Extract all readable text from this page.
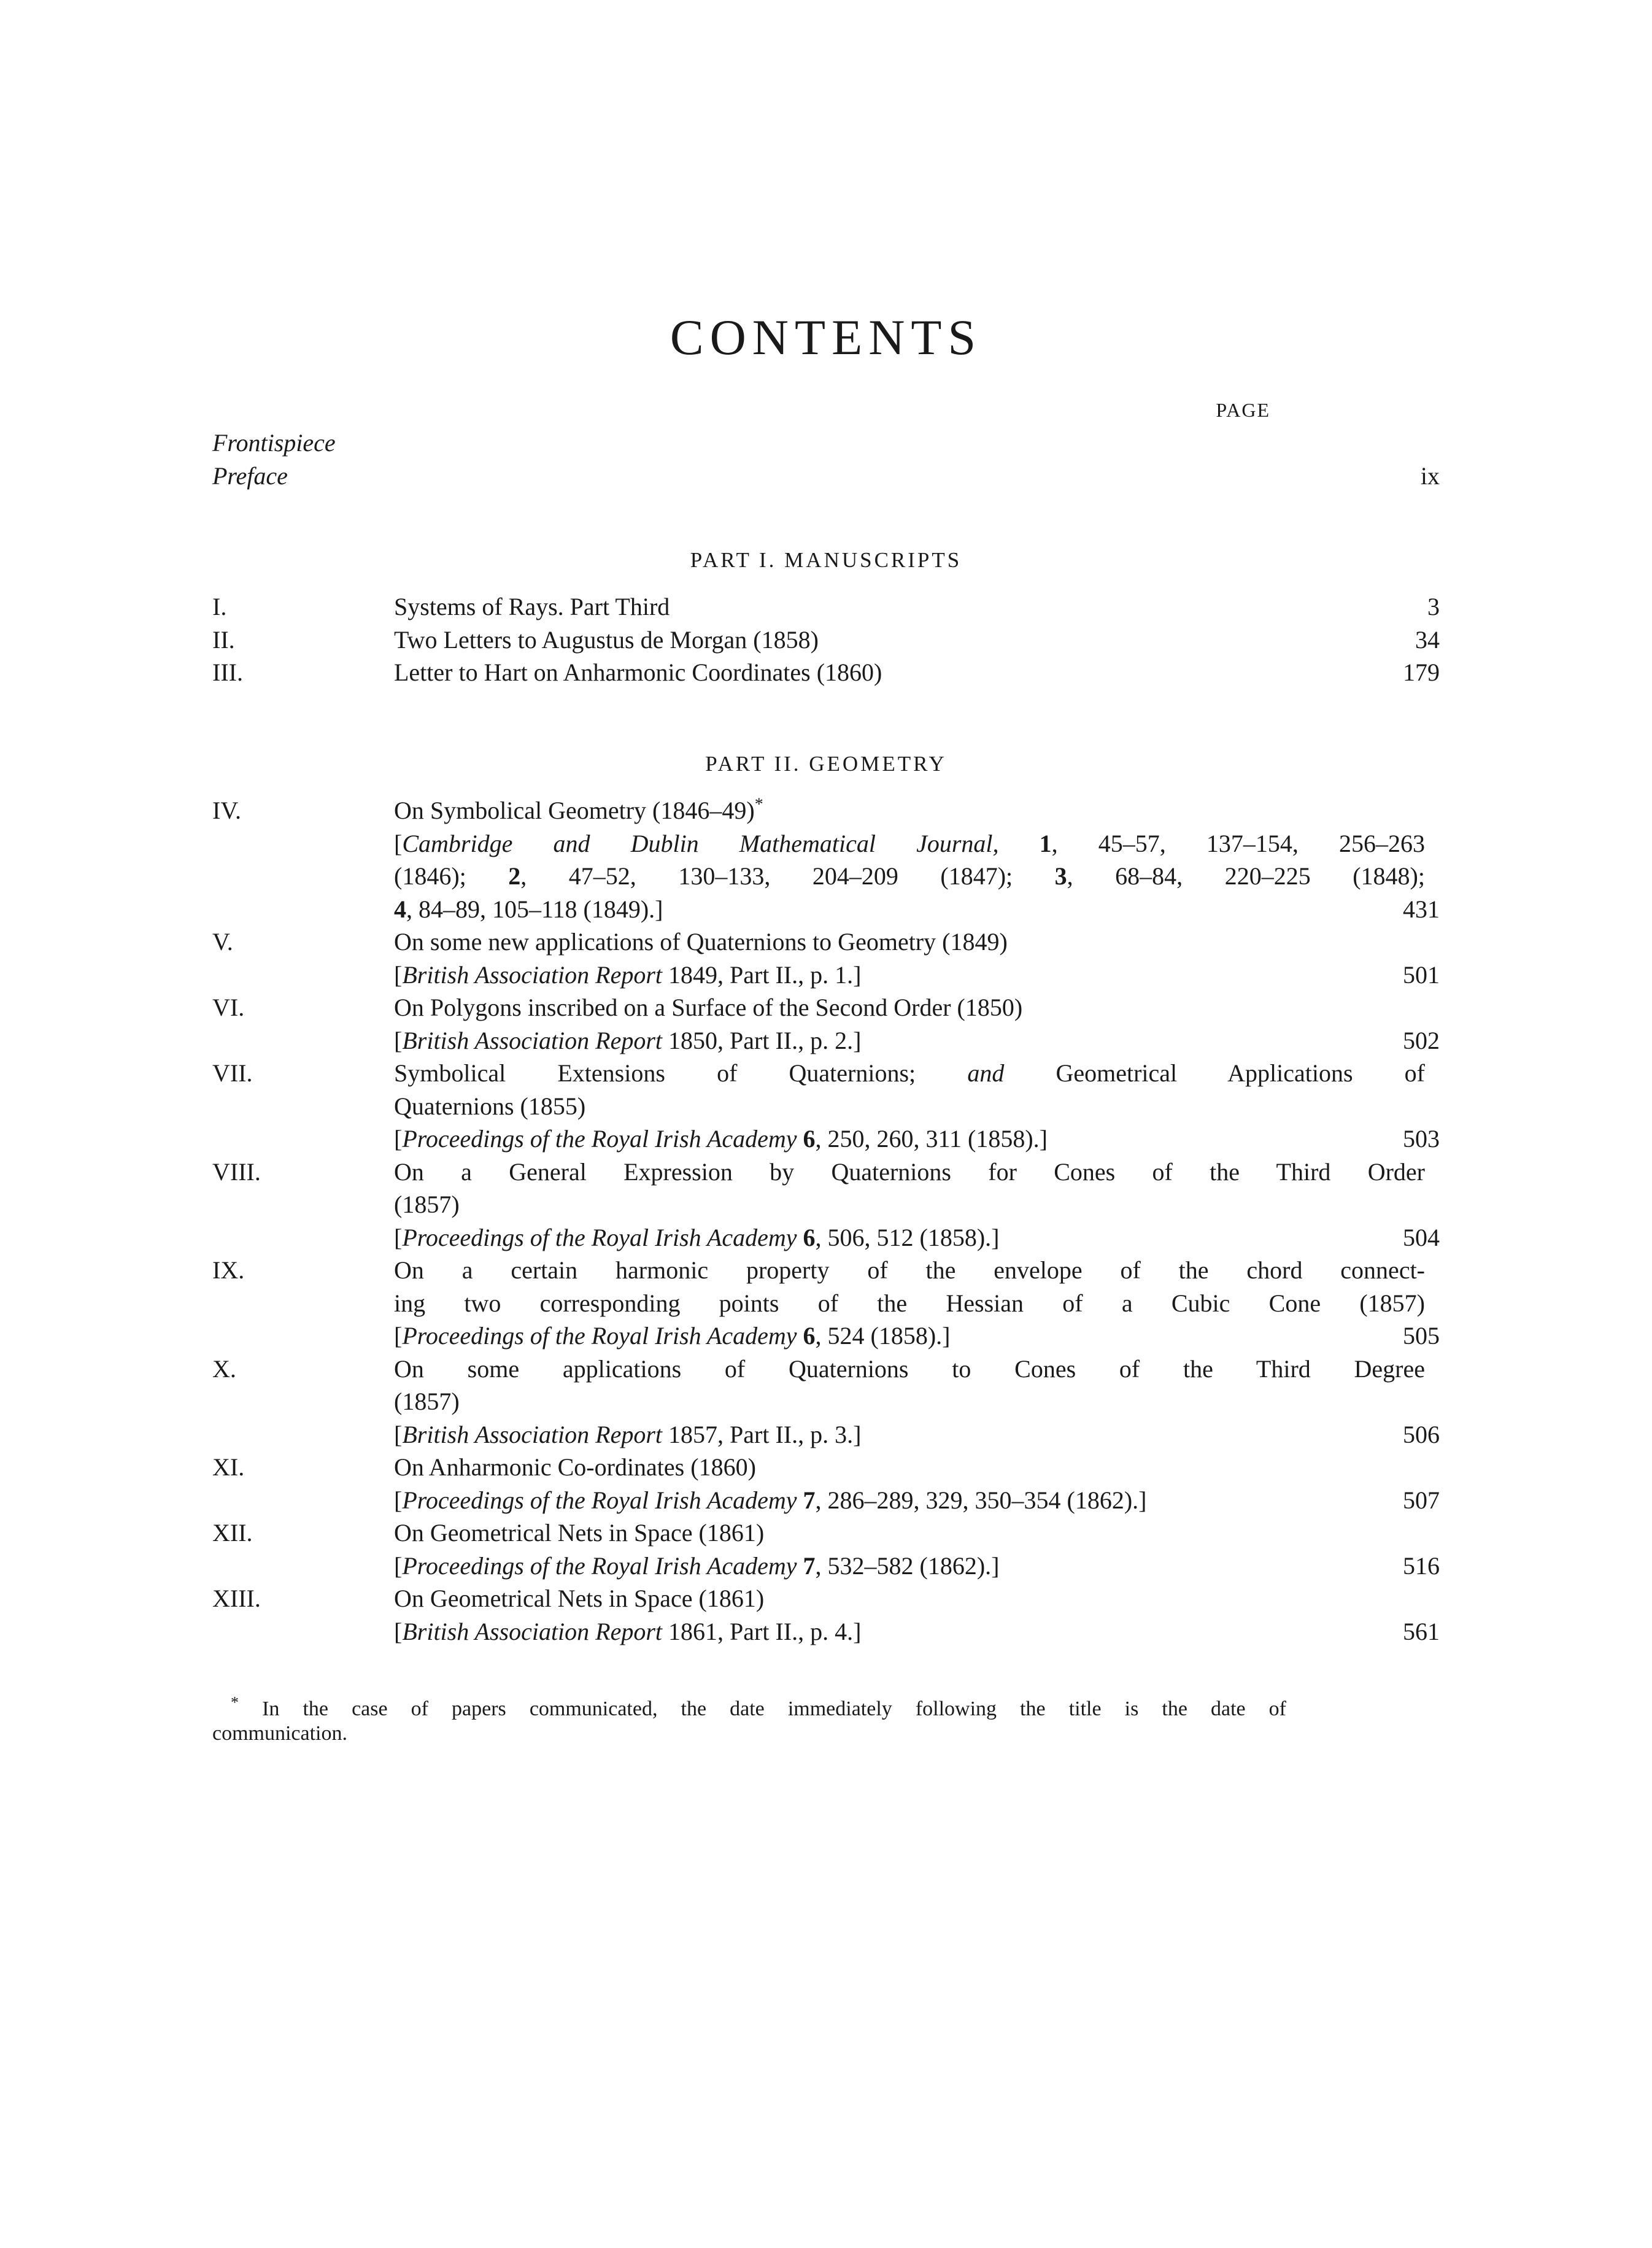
CONTENTS
PAGE
Frontispiece
Preface	ix
PART I. MANUSCRIPTS
I.	Systems of Rays. Part Third	3
II.	Two Letters to Augustus de Morgan (1858)	34
III.	Letter to Hart on Anharmonic Coordinates (1860)	179
PART II. GEOMETRY
IV.	On Symbolical Geometry (1846–49)*
[Cambridge and Dublin Mathematical Journal, 1, 45–57, 137–154, 256–263
(1846); 2, 47–52, 130–133, 204–209 (1847); 3, 68–84, 220–225 (1848);
4, 84–89, 105–118 (1849).]	431
V.	On some new applications of Quaternions to Geometry (1849)
[British Association Report 1849, Part II., p. 1.]	501
VI.	On Polygons inscribed on a Surface of the Second Order (1850)
[British Association Report 1850, Part II., p. 2.]	502
VII.	Symbolical Extensions of Quaternions; and Geometrical Applications of
Quaternions (1855)
[Proceedings of the Royal Irish Academy 6, 250, 260, 311 (1858).]	503
VIII.	On a General Expression by Quaternions for Cones of the Third Order
(1857)
[Proceedings of the Royal Irish Academy 6, 506, 512 (1858).]	504
IX.	On a certain harmonic property of the envelope of the chord connect-
ing two corresponding points of the Hessian of a Cubic Cone (1857)
[Proceedings of the Royal Irish Academy 6, 524 (1858).]	505
X.	On some applications of Quaternions to Cones of the Third Degree
(1857)
[British Association Report 1857, Part II., p. 3.]	506
XI.	On Anharmonic Co-ordinates (1860)
[Proceedings of the Royal Irish Academy 7, 286–289, 329, 350–354 (1862).]	507
XII.	On Geometrical Nets in Space (1861)
[Proceedings of the Royal Irish Academy 7, 532–582 (1862).]	516
XIII.	On Geometrical Nets in Space (1861)
[British Association Report 1861, Part II., p. 4.]	561
* In the case of papers communicated, the date immediately following the title is the date of
communication.
